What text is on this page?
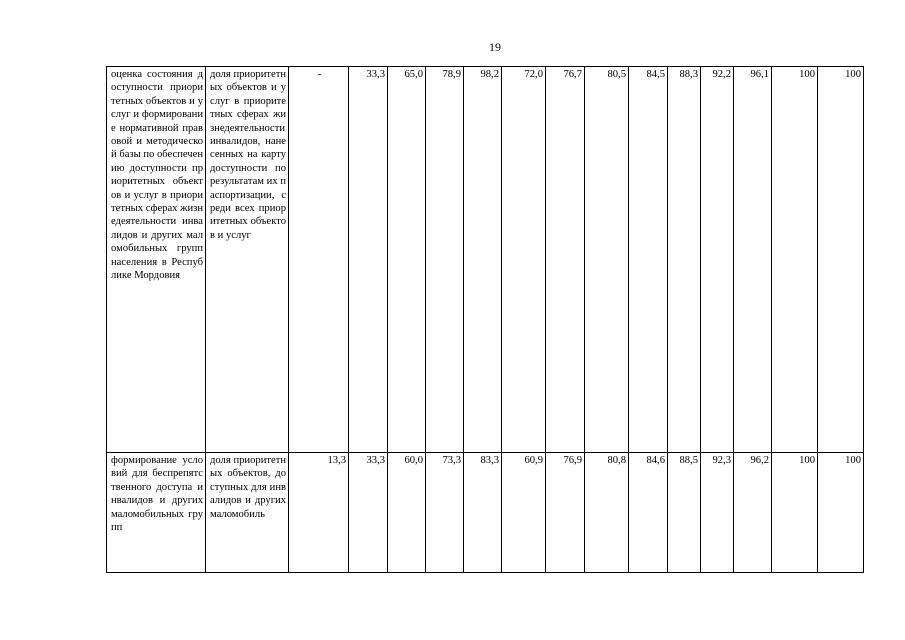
19
оценка состояния доступности приоритетных объектов и услуг и формирование нормативной правовой и методической базы по обеспечению доступности приоритетных объектов и услуг в приоритетных сферах жизнедеятельности инвалидов и других маломобильных групп населения в Республике Мордовия	доля приоритетных объектов и услуг в приоритетных сферах жизнедеятельности инвалидов, нанесенных на карту доступности по результатам их паспортизации, среди всех приоритетных объектов и услуг	-	33,3	65,0	78,9	98,2	72,0	76,7	80,5	84,5	88,3	92,2	96,1	100	100

формирование условий для беспрепятственного доступа инвалидов и других маломобильных групп	доля приоритетных объектов, доступных для инвалидов и других маломобиль	13,3	33,3	60,0	73,3	83,3	60,9	76,9	80,8	84,6	88,5	92,3	96,2	100	100
